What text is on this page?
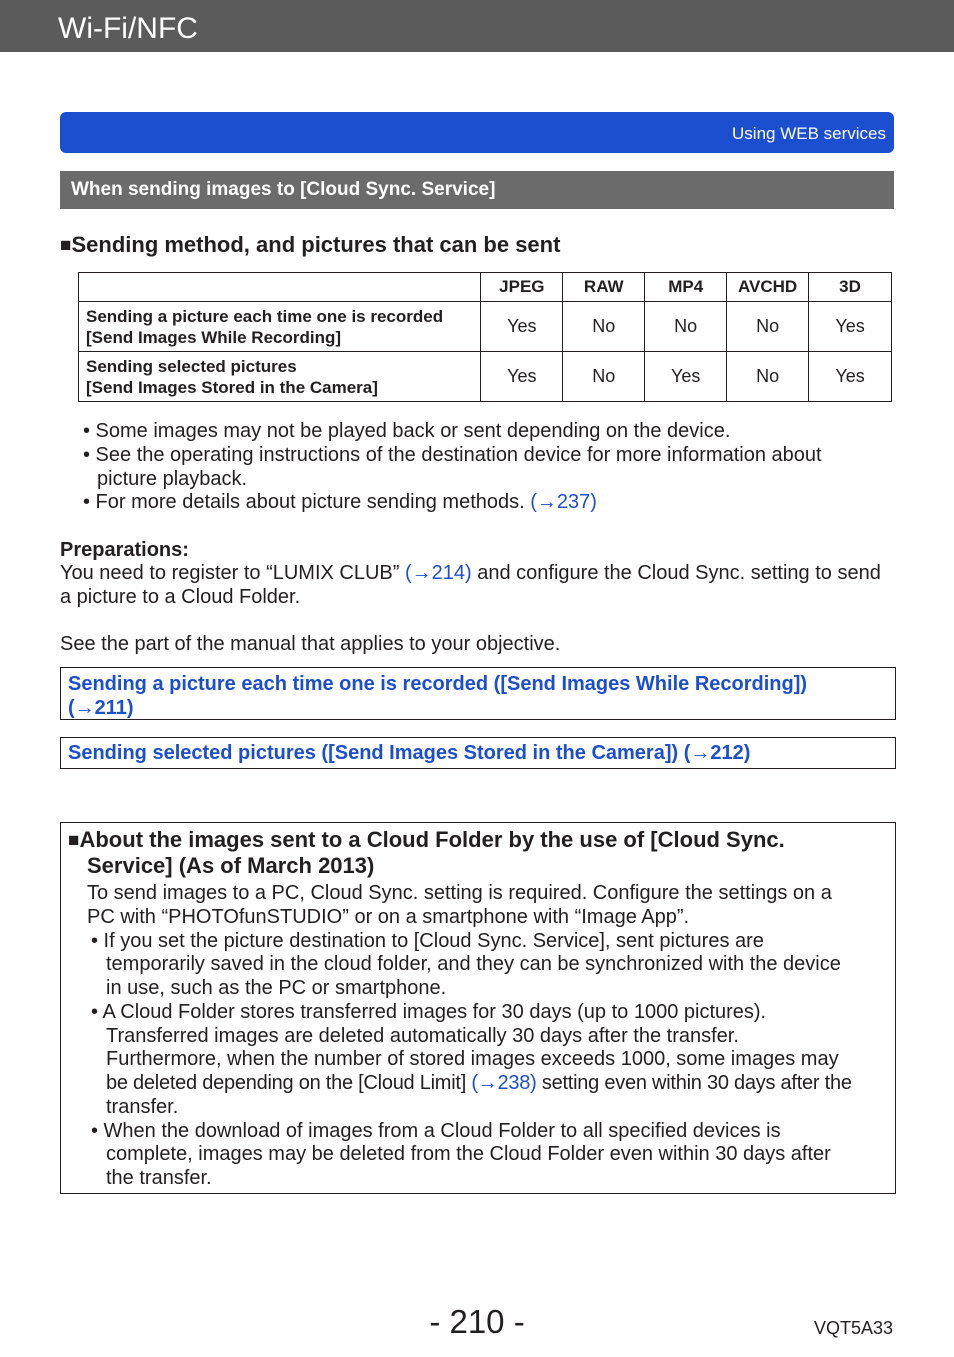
Wi-Fi/NFC
Using WEB services
When sending images to [Cloud Sync. Service]
■Sending method, and pictures that can be sent
	JPEG	RAW	MP4	AVCHD	3D

Sending a picture each time one is recorded
[Send Images While Recording]	Yes	No	No	No	Yes

Sending selected pictures
[Send Images Stored in the Camera]	Yes	No	Yes	No	Yes
• Some images may not be played back or sent depending on the device.
• See the operating instructions of the destination device for more information about
picture playback.
• For more details about picture sending methods. (→237)
Preparations:
You need to register to “LUMIX CLUB” (→214) and configure the Cloud Sync. setting to send
a picture to a Cloud Folder.
See the part of the manual that applies to your objective.
Sending a picture each time one is recorded ([Send Images While Recording])
(→211)
Sending selected pictures ([Send Images Stored in the Camera]) (→212)
■About the images sent to a Cloud Folder by the use of [Cloud Sync.
Service] (As of March 2013)
To send images to a PC, Cloud Sync. setting is required. Configure the settings on a
PC with “PHOTOfunSTUDIO” or on a smartphone with “Image App”.
• If you set the picture destination to [Cloud Sync. Service], sent pictures are
temporarily saved in the cloud folder, and they can be synchronized with the device
in use, such as the PC or smartphone.
• A Cloud Folder stores transferred images for 30 days (up to 1000 pictures).
Transferred images are deleted automatically 30 days after the transfer.
Furthermore, when the number of stored images exceeds 1000, some images may
be deleted depending on the [Cloud Limit] (→238) setting even within 30 days after the
transfer.
• When the download of images from a Cloud Folder to all specified devices is
complete, images may be deleted from the Cloud Folder even within 30 days after
the transfer.
- 210 -	VQT5A33
